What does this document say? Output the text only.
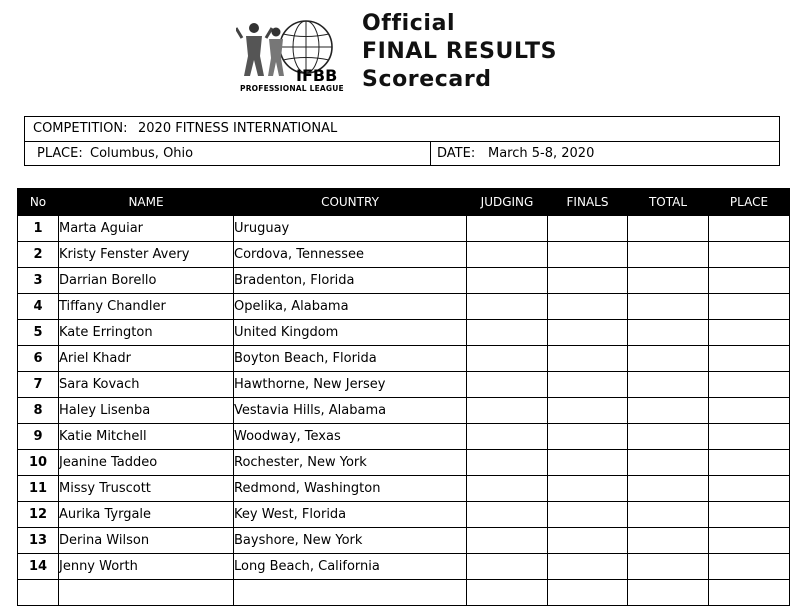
IFBB
PROFESSIONAL LEAGUE
Official
FINAL RESULTS
Scorecard
COMPETITION: 2020 FITNESS INTERNATIONAL
PLACE: Columbus, Ohio	DATE: March 5-8, 2020
No	NAME	COUNTRY	JUDGING	FINALS	TOTAL	PLACE
1	Marta Aguiar	Uruguay				
2	Kristy Fenster Avery	Cordova, Tennessee				
3	Darrian Borello	Bradenton, Florida				
4	Tiffany Chandler	Opelika, Alabama				
5	Kate Errington	United Kingdom				
6	Ariel Khadr	Boyton Beach, Florida				
7	Sara Kovach	Hawthorne, New Jersey				
8	Haley Lisenba	Vestavia Hills, Alabama				
9	Katie Mitchell	Woodway, Texas				
10	Jeanine Taddeo	Rochester, New York				
11	Missy Truscott	Redmond, Washington				
12	Aurika Tyrgale	Key West, Florida				
13	Derina Wilson	Bayshore, New York				
14	Jenny Worth	Long Beach, California				
